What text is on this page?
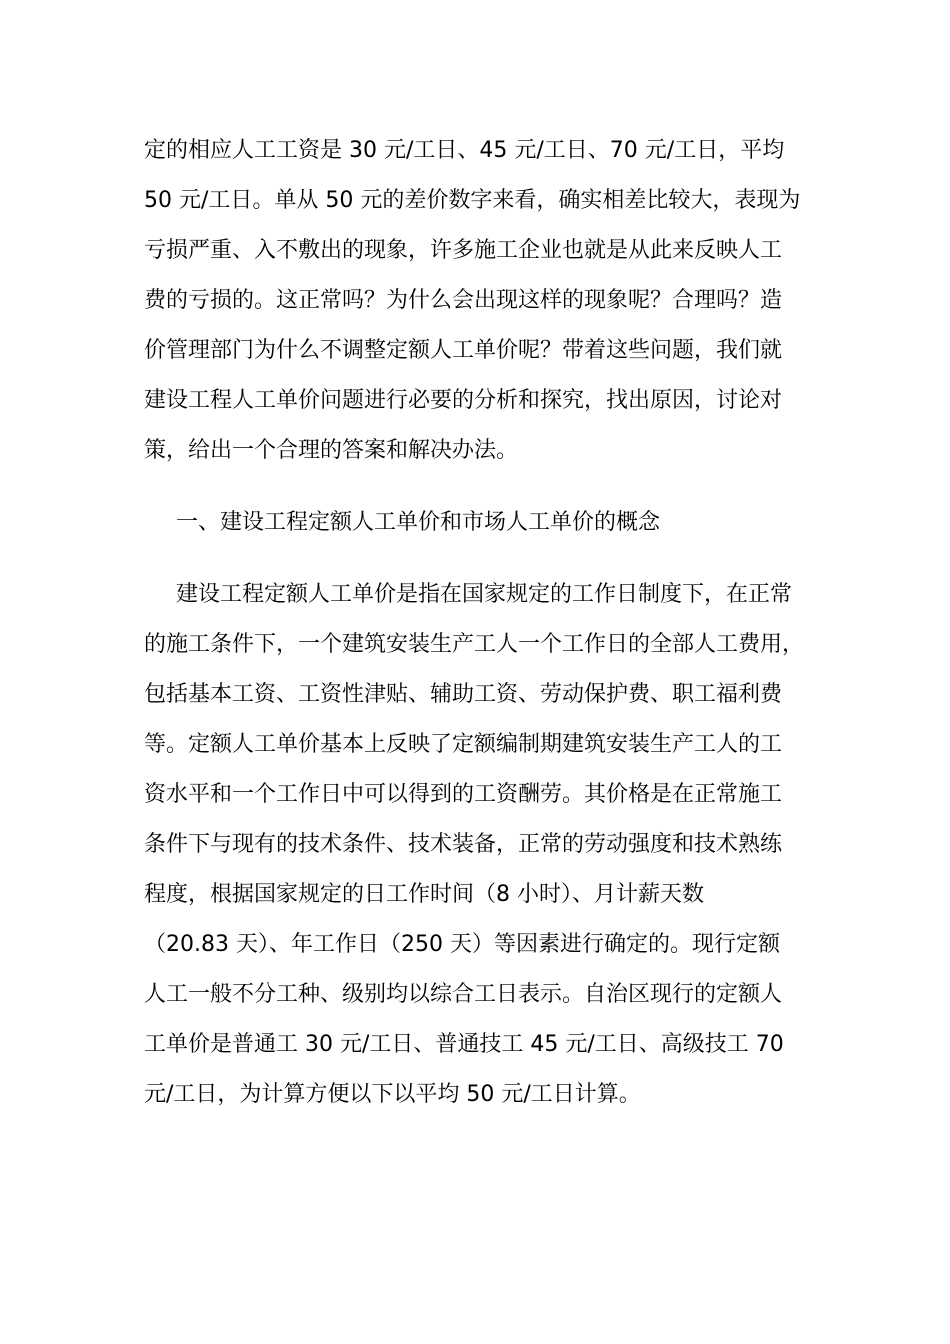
定的相应人工工资是 30 元/工日、45 元/工日、70 元/工日，平均
50 元/工日。单从 50 元的差价数字来看，确实相差比较大，表现为
亏损严重、入不敷出的现象，许多施工企业也就是从此来反映人工
费的亏损的。这正常吗？为什么会出现这样的现象呢？合理吗？造
价管理部门为什么不调整定额人工单价呢？带着这些问题，我们就
建设工程人工单价问题进行必要的分析和探究，找出原因，讨论对
策，给出一个合理的答案和解决办法。
一、建设工程定额人工单价和市场人工单价的概念
建设工程定额人工单价是指在国家规定的工作日制度下，在正常
的施工条件下，一个建筑安装生产工人一个工作日的全部人工费用，
包括基本工资、工资性津贴、辅助工资、劳动保护费、职工福利费
等。定额人工单价基本上反映了定额编制期建筑安装生产工人的工
资水平和一个工作日中可以得到的工资酬劳。其价格是在正常施工
条件下与现有的技术条件、技术装备，正常的劳动强度和技术熟练
程度，根据国家规定的日工作时间（8 小时）、月计薪天数
（20.83 天）、年工作日（250 天）等因素进行确定的。现行定额
人工一般不分工种、级别均以综合工日表示。自治区现行的定额人
工单价是普通工 30 元/工日、普通技工 45 元/工日、高级技工 70
元/工日，为计算方便以下以平均 50 元/工日计算。
